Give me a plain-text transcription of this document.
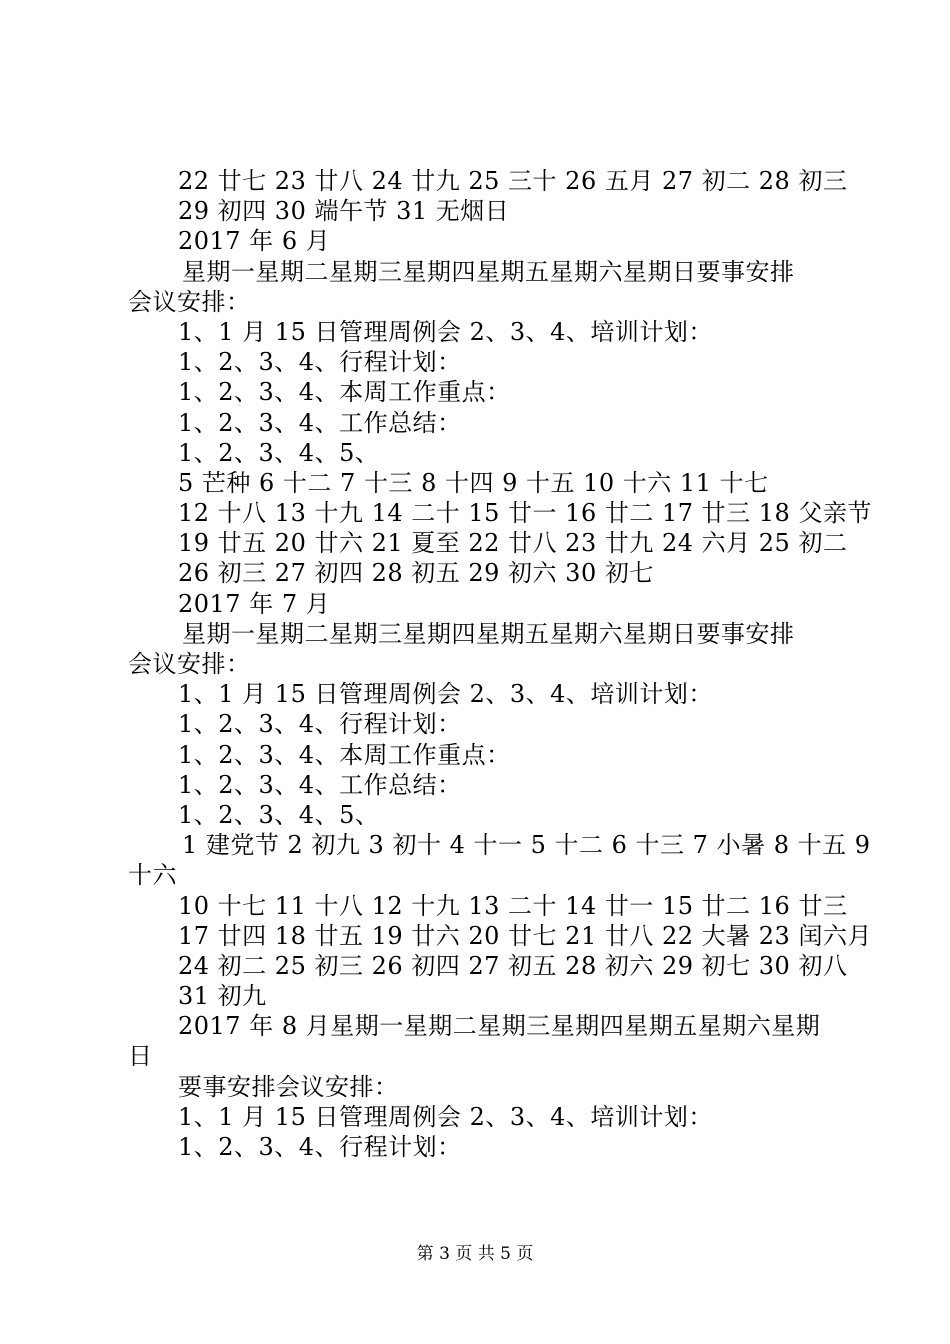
22 廿七 23 廿八 24 廿九 25 三十 26 五月 27 初二 28 初三
29 初四 30 端午节 31 无烟日
2017 年 6 月
星期一星期二星期三星期四星期五星期六星期日要事安排
会议安排：
1、1 月 15 日管理周例会 2、3、4、培训计划：
1、2、3、4、行程计划：
1、2、3、4、本周工作重点：
1、2、3、4、工作总结：
1、2、3、4、5、
5 芒种 6 十二 7 十三 8 十四 9 十五 10 十六 11 十七
12 十八 13 十九 14 二十 15 廿一 16 廿二 17 廿三 18 父亲节
19 廿五 20 廿六 21 夏至 22 廿八 23 廿九 24 六月 25 初二
26 初三 27 初四 28 初五 29 初六 30 初七
2017 年 7 月
星期一星期二星期三星期四星期五星期六星期日要事安排
会议安排：
1、1 月 15 日管理周例会 2、3、4、培训计划：
1、2、3、4、行程计划：
1、2、3、4、本周工作重点：
1、2、3、4、工作总结：
1、2、3、4、5、
1 建党节 2 初九 3 初十 4 十一 5 十二 6 十三 7 小暑 8 十五 9
十六
10 十七 11 十八 12 十九 13 二十 14 廿一 15 廿二 16 廿三
17 廿四 18 廿五 19 廿六 20 廿七 21 廿八 22 大暑 23 闰六月
24 初二 25 初三 26 初四 27 初五 28 初六 29 初七 30 初八
31 初九
2017 年 8 月星期一星期二星期三星期四星期五星期六星期
日
要事安排会议安排：
1、1 月 15 日管理周例会 2、3、4、培训计划：
1、2、3、4、行程计划：
第 3 页 共 5 页
